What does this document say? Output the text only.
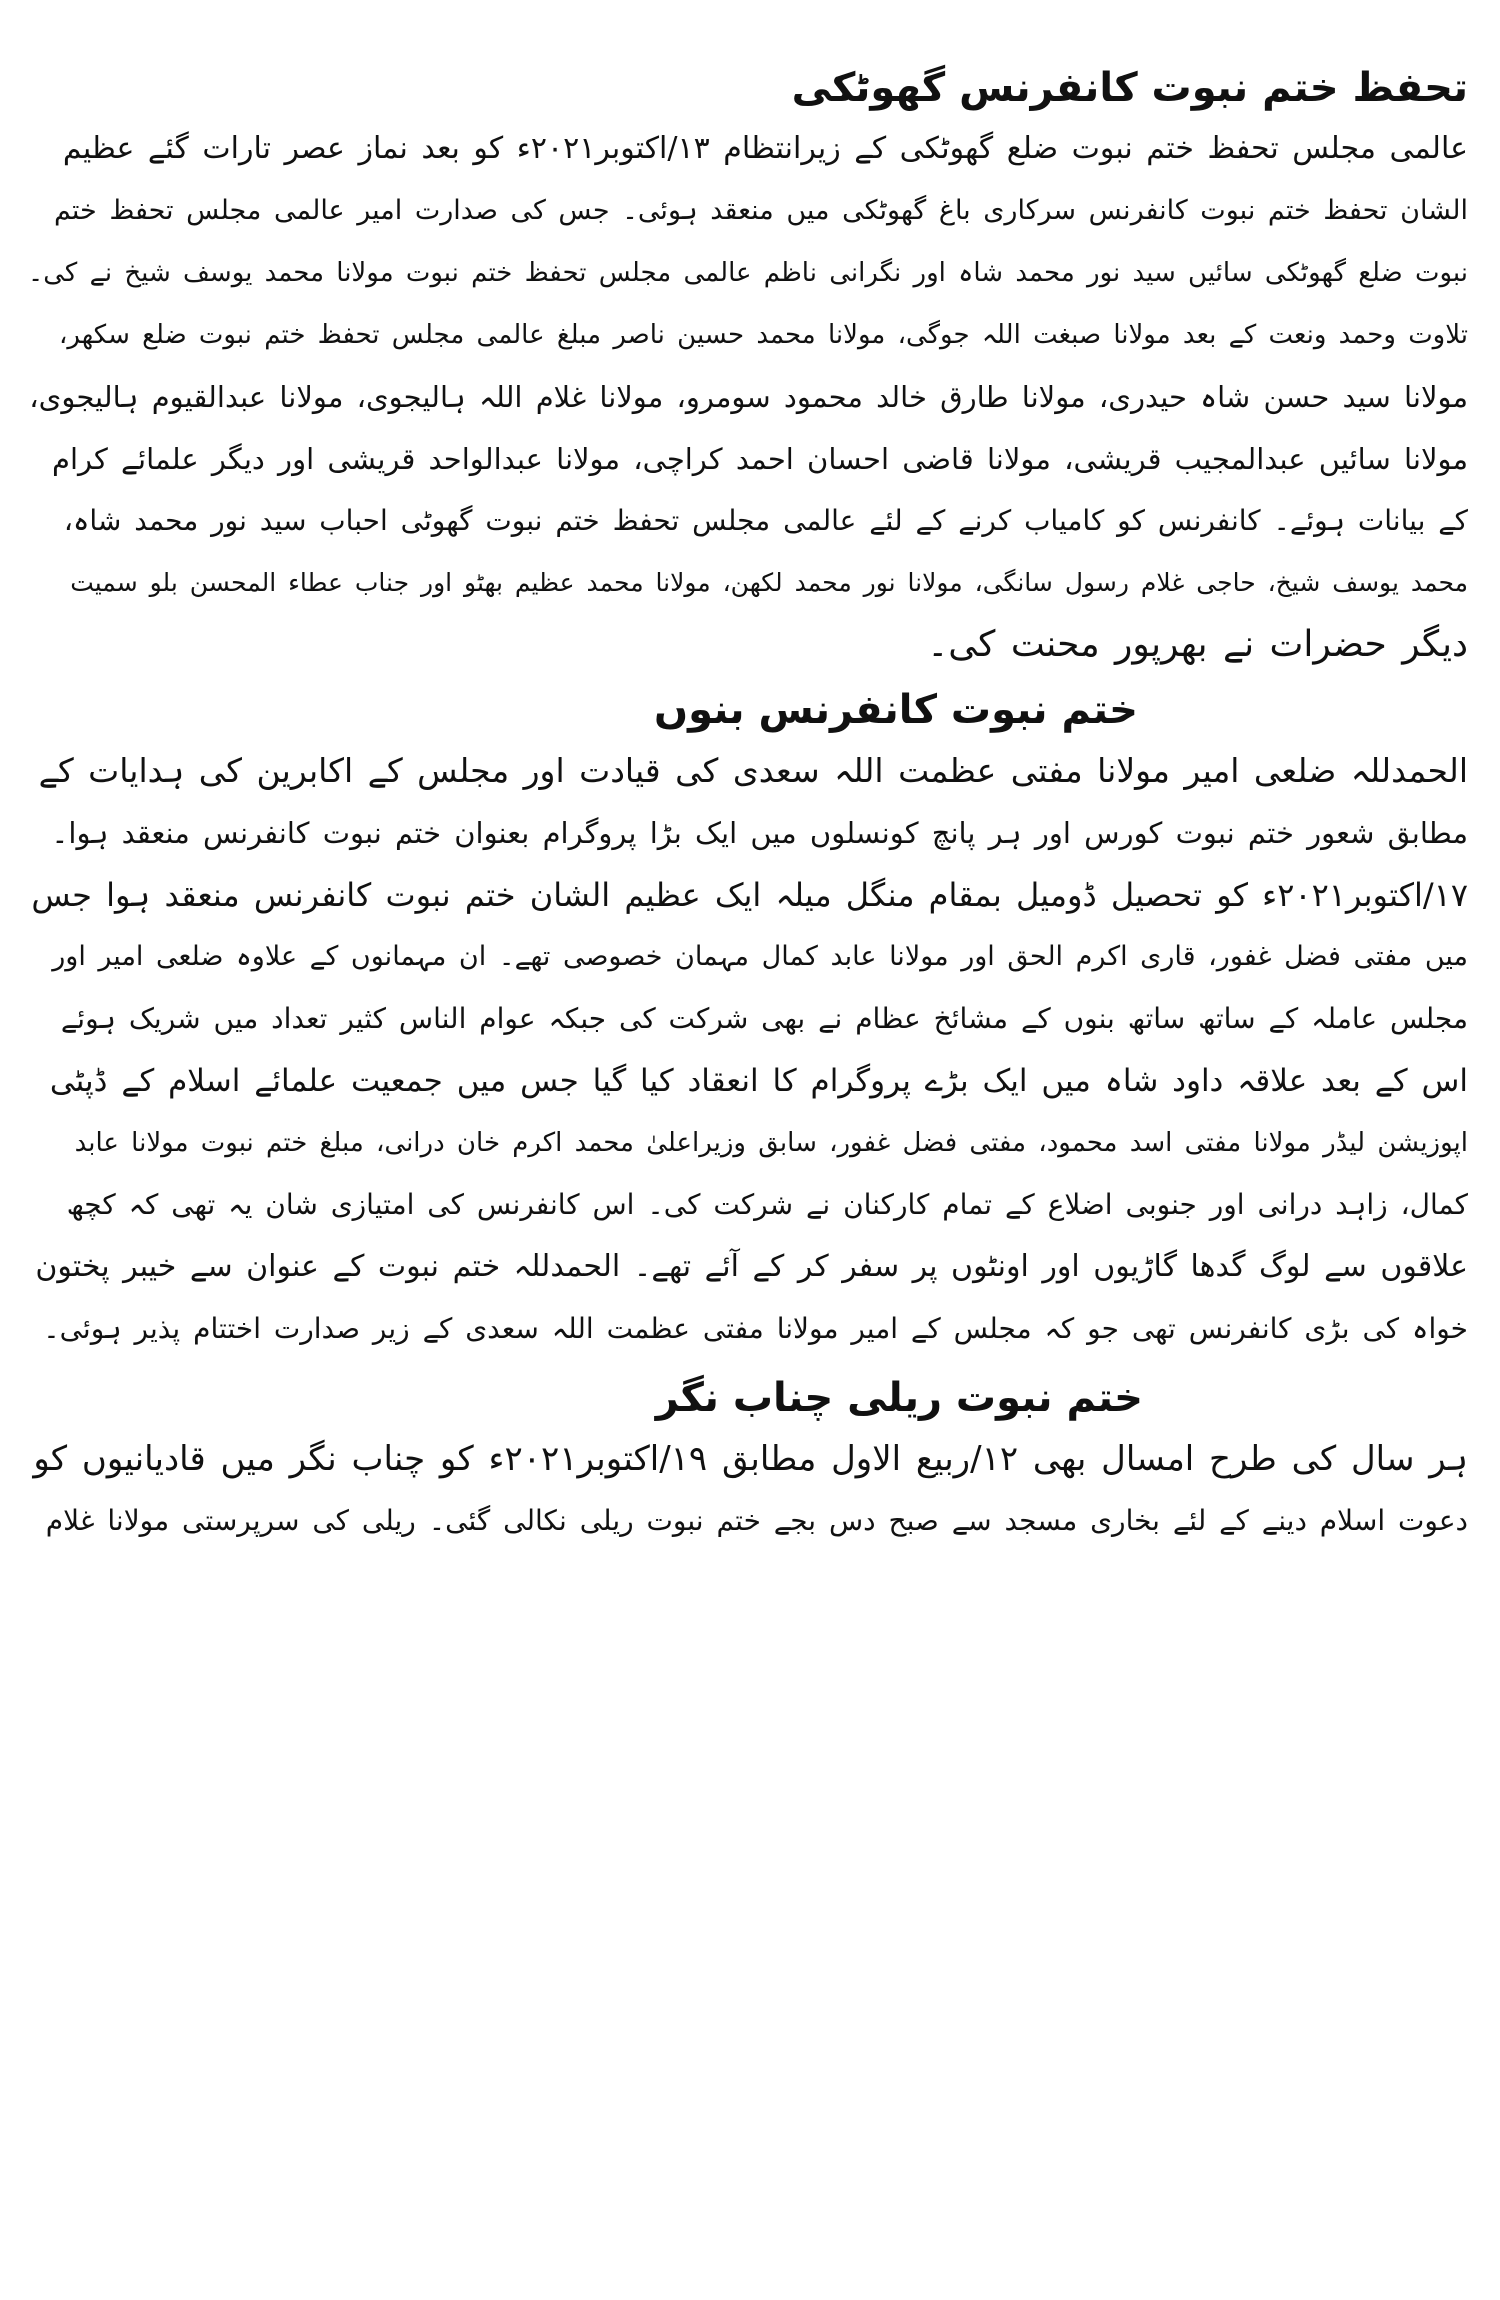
تحفظ ختم نبوت کانفرنس گھوٹکی
عالمی مجلس تحفظ ختم نبوت ضلع گھوٹکی کے زیرانتظام ۱۳/اکتوبر۲۰۲۱ء کو بعد نماز عصر تارات گئے عظیم
الشان تحفظ ختم نبوت کانفرنس سرکاری باغ گھوٹکی میں منعقد ہوئی۔ جس کی صدارت امیر عالمی مجلس تحفظ ختم
نبوت ضلع گھوٹکی سائیں سید نور محمد شاہ اور نگرانی ناظم عالمی مجلس تحفظ ختم نبوت مولانا محمد یوسف شیخ نے کی۔
تلاوت وحمد ونعت کے بعد مولانا صبغت اللہ جوگی، مولانا محمد حسین ناصر مبلغ عالمی مجلس تحفظ ختم نبوت ضلع سکھر،
مولانا سید حسن شاہ حیدری، مولانا طارق خالد محمود سومرو، مولانا غلام اللہ ہالیجوی، مولانا عبدالقیوم ہالیجوی،
مولانا سائیں عبدالمجیب قریشی، مولانا قاضی احسان احمد کراچی، مولانا عبدالواحد قریشی اور دیگر علمائے کرام
کے بیانات ہوئے۔ کانفرنس کو کامیاب کرنے کے لئے عالمی مجلس تحفظ ختم نبوت گھوٹی احباب سید نور محمد شاہ،
محمد یوسف شیخ، حاجی غلام رسول سانگی، مولانا نور محمد لکھن، مولانا محمد عظیم بھٹو اور جناب عطاء المحسن بلو سمیت
دیگر حضرات نے بھرپور محنت کی۔
ختم نبوت کانفرنس بنوں
الحمدللہ ضلعی امیر مولانا مفتی عظمت اللہ سعدی کی قیادت اور مجلس کے اکابرین کی ہدایات کے
مطابق شعور ختم نبوت کورس اور ہر پانچ کونسلوں میں ایک بڑا پروگرام بعنوان ختم نبوت کانفرنس منعقد ہوا۔
۱۷/اکتوبر۲۰۲۱ء کو تحصیل ڈومیل بمقام منگل میلہ ایک عظیم الشان ختم نبوت کانفرنس منعقد ہوا جس
میں مفتی فضل غفور، قاری اکرم الحق اور مولانا عابد کمال مہمان خصوصی تھے۔ ان مہمانوں کے علاوہ ضلعی امیر اور
مجلس عاملہ کے ساتھ ساتھ بنوں کے مشائخ عظام نے بھی شرکت کی جبکہ عوام الناس کثیر تعداد میں شریک ہوئے
اس کے بعد علاقہ داود شاہ میں ایک بڑے پروگرام کا انعقاد کیا گیا جس میں جمعیت علمائے اسلام کے ڈپٹی
اپوزیشن لیڈر مولانا مفتی اسد محمود، مفتی فضل غفور، سابق وزیراعلیٰ محمد اکرم خان درانی، مبلغ ختم نبوت مولانا عابد
کمال، زاہد درانی اور جنوبی اضلاع کے تمام کارکنان نے شرکت کی۔ اس کانفرنس کی امتیازی شان یہ تھی کہ کچھ
علاقوں سے لوگ گدھا گاڑیوں اور اونٹوں پر سفر کر کے آئے تھے۔ الحمدللہ ختم نبوت کے عنوان سے خیبر پختون
خواہ کی بڑی کانفرنس تھی جو کہ مجلس کے امیر مولانا مفتی عظمت اللہ سعدی کے زیر صدارت اختتام پذیر ہوئی۔
ختم نبوت ریلی چناب نگر
ہر سال کی طرح امسال بھی ۱۲/ربیع الاول مطابق ۱۹/اکتوبر۲۰۲۱ء کو چناب نگر میں قادیانیوں کو
دعوت اسلام دینے کے لئے بخاری مسجد سے صبح دس بجے ختم نبوت ریلی نکالی گئی۔ ریلی کی سرپرستی مولانا غلام
